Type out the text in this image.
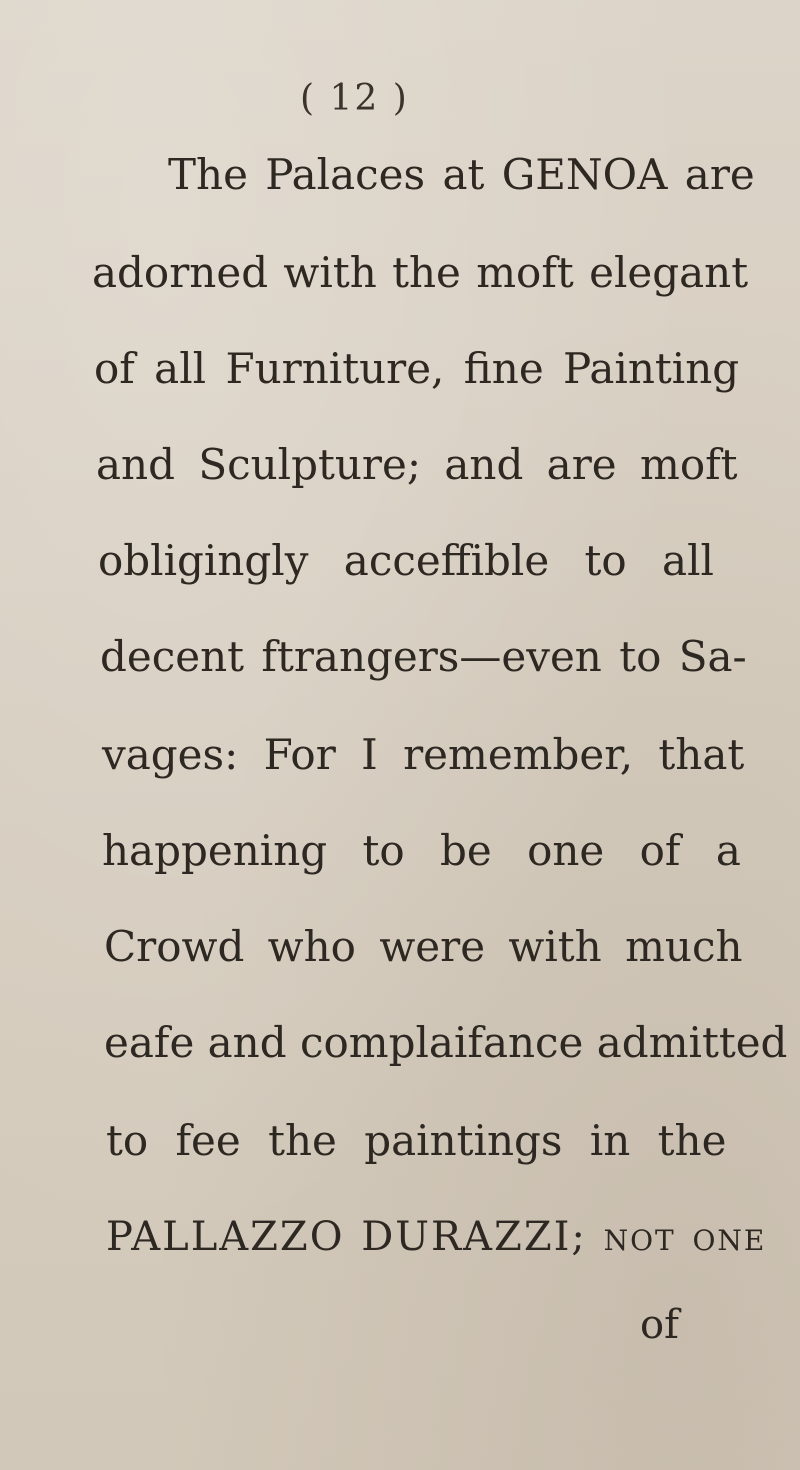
( 12 )

The Palaces at GENOA are

adorned with the moft elegant

of all Furniture, fine Painting

and Sculpture; and are moft

obligingly acceffible to all

decent ftrangers—even to Sa-

vages: For I remember, that

happening to be one of a

Crowd who were with much

eafe and complaifance admitted

to fee the paintings in the

PALLAZZO DURAZZI; not one

of
